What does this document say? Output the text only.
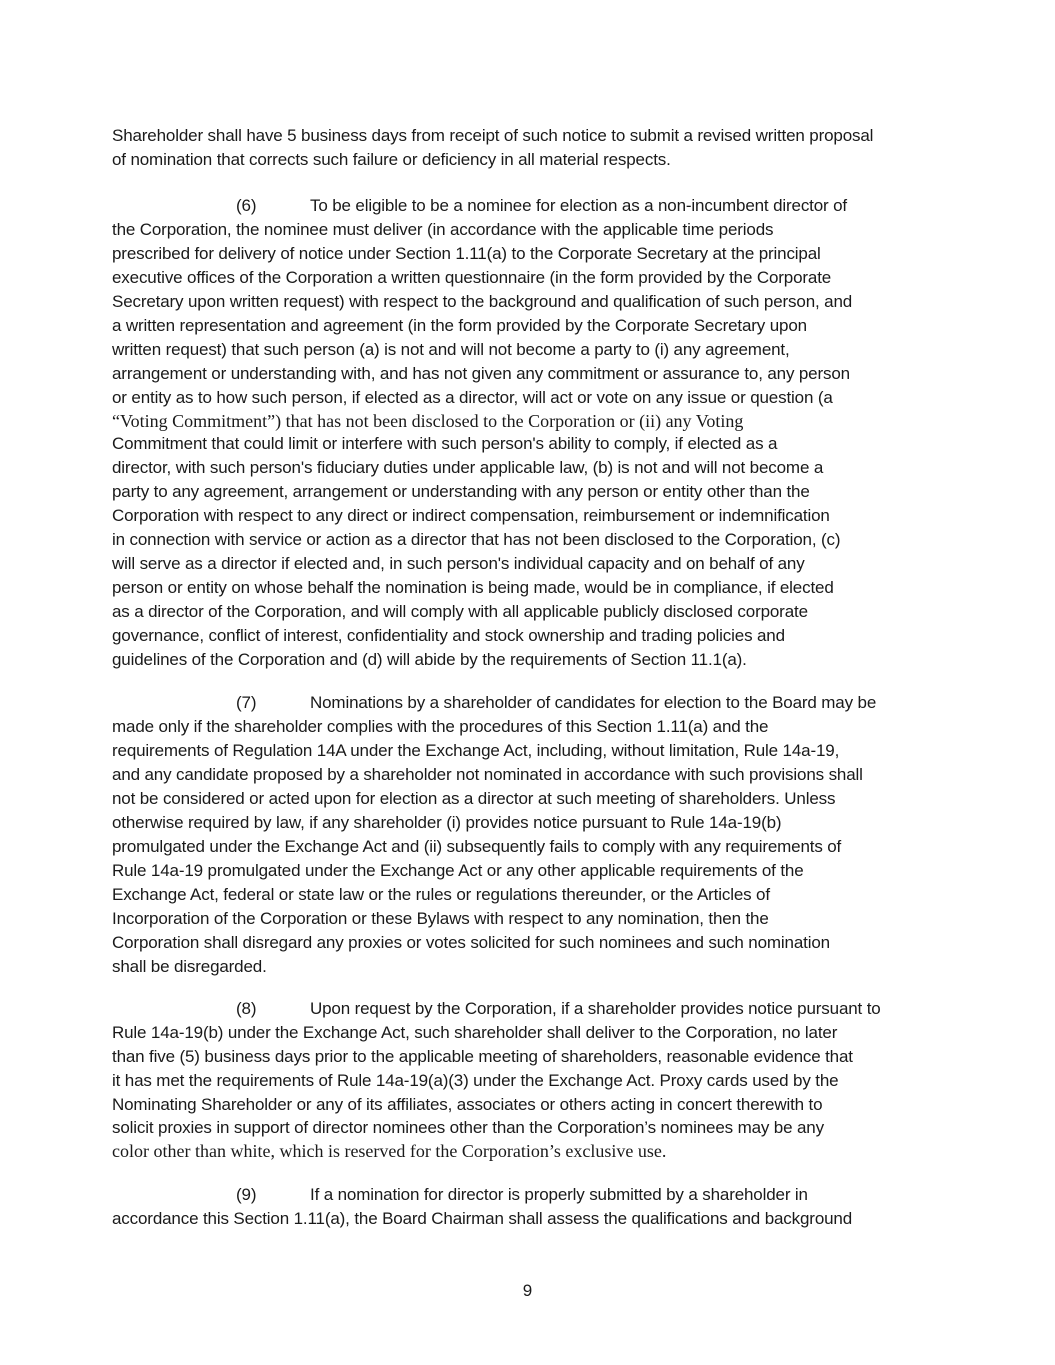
Shareholder shall have 5 business days from receipt of such notice to submit a revised written proposal

of nomination that corrects such failure or deficiency in all material respects.

(6)	To be eligible to be a nominee for election as a non-incumbent director of

the Corporation, the nominee must deliver (in accordance with the applicable time periods

prescribed for delivery of notice under Section 1.11(a) to the Corporate Secretary at the principal

executive offices of the Corporation a written questionnaire (in the form provided by the Corporate

Secretary upon written request) with respect to the background and qualification of such person, and

a written representation and agreement (in the form provided by the Corporate Secretary upon

written request) that such person (a) is not and will not become a party to (i) any agreement,

arrangement or understanding with, and has not given any commitment or assurance to, any person

or entity as to how such person, if elected as a director, will act or vote on any issue or question (a

“Voting Commitment”) that has not been disclosed to the Corporation or (ii) any Voting

Commitment that could limit or interfere with such person's ability to comply, if elected as a

director, with such person's fiduciary duties under applicable law, (b) is not and will not become a

party to any agreement, arrangement or understanding with any person or entity other than the

Corporation with respect to any direct or indirect compensation, reimbursement or indemnification

in connection with service or action as a director that has not been disclosed to the Corporation, (c)

will serve as a director if elected and, in such person's individual capacity and on behalf of any

person or entity on whose behalf the nomination is being made, would be in compliance, if elected

as a director of the Corporation, and will comply with all applicable publicly disclosed corporate

governance, conflict of interest, confidentiality and stock ownership and trading policies and

guidelines of the Corporation and (d) will abide by the requirements of Section 11.1(a).

(7)	Nominations by a shareholder of candidates for election to the Board may be

made only if the shareholder complies with the procedures of this Section 1.11(a) and the

requirements of Regulation 14A under the Exchange Act, including, without limitation, Rule 14a-19,

and any candidate proposed by a shareholder not nominated in accordance with such provisions shall

not be considered or acted upon for election as a director at such meeting of shareholders. Unless

otherwise required by law, if any shareholder (i) provides notice pursuant to Rule 14a-19(b)

promulgated under the Exchange Act and (ii) subsequently fails to comply with any requirements of

Rule 14a-19 promulgated under the Exchange Act or any other applicable requirements of the

Exchange Act, federal or state law or the rules or regulations thereunder, or the Articles of

Incorporation of the Corporation or these Bylaws with respect to any nomination, then the

Corporation shall disregard any proxies or votes solicited for such nominees and such nomination

shall be disregarded.

(8)	Upon request by the Corporation, if a shareholder provides notice pursuant to

Rule 14a-19(b) under the Exchange Act, such shareholder shall deliver to the Corporation, no later

than five (5) business days prior to the applicable meeting of shareholders, reasonable evidence that

it has met the requirements of Rule 14a-19(a)(3) under the Exchange Act. Proxy cards used by the

Nominating Shareholder or any of its affiliates, associates or others acting in concert therewith to

solicit proxies in support of director nominees other than the Corporation’s nominees may be any

color other than white, which is reserved for the Corporation’s exclusive use.

(9)	If a nomination for director is properly submitted by a shareholder in

accordance this Section 1.11(a), the Board Chairman shall assess the qualifications and background

9
